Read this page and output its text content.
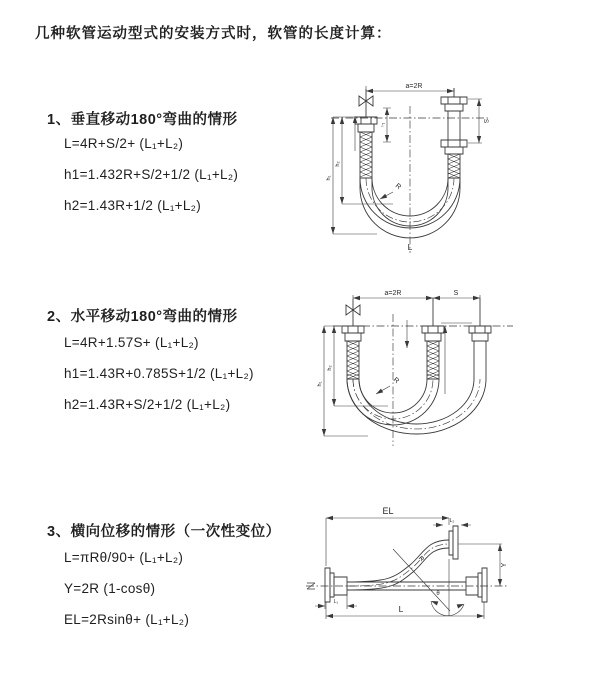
几种软管运动型式的安装方式时，软管的长度计算：
1、垂直移动180°弯曲的情形
L=4R+S/2+ (L₁+L₂)
h1=1.432R+S/2+1/2 (L₁+L₂)
h2=1.43R+1/2 (L₁+L₂)
2、水平移动180°弯曲的情形
L=4R+1.57S+ (L₁+L₂)
h1=1.43R+0.785S+1/2 (L₁+L₂)
h2=1.43R+S/2+1/2 (L₁+L₂)
3、横向位移的情形（一次性变位）
L=πRθ/90+ (L₁+L₂)
Y=2R (1-cosθ)
EL=2Rsinθ+ (L₁+L₂)
a=2R
S
h₁
h₂
L₁
R
L
a=2R	S
h₁
h₂
R
EL
L₂
R
θ
Y
L
L₁
